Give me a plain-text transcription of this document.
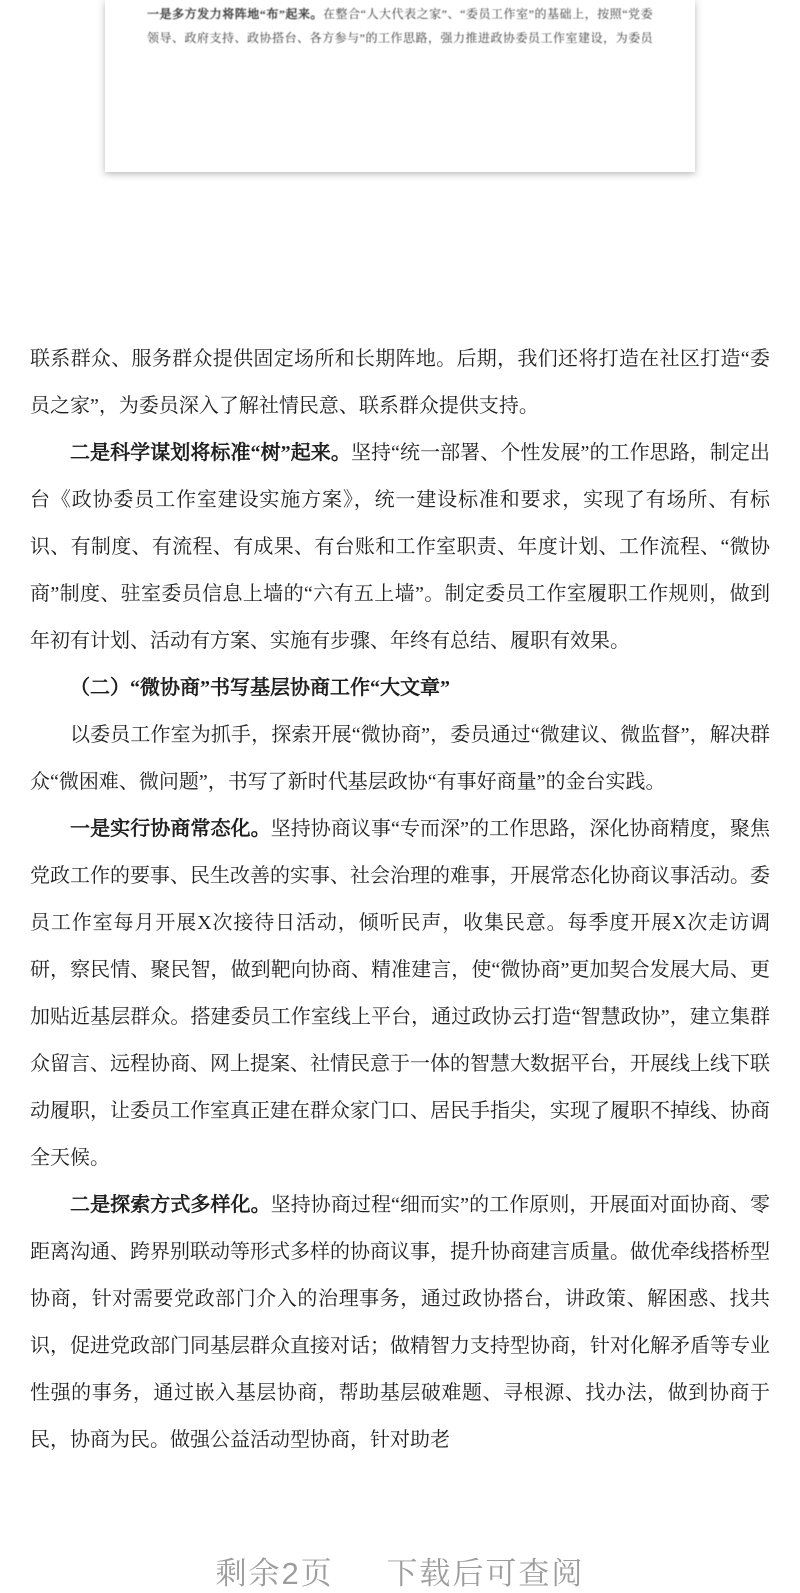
一是多方发力将阵地“布”起来。在整合“人大代表之家”、“委员工作室”的基础上，按照“党委

领导、政府支持、政协搭台、各方参与”的工作思路，强力推进政协委员工作室建设，为委员

联系群众、服务群众提供固定场所和长期阵地。后期，我们还将打造在社区打造“委员之家”，为委员深入了解社情民意、联系群众提供支持。

二是科学谋划将标准“树”起来。坚持“统一部署、个性发展”的工作思路，制定出台《政协委员工作室建设实施方案》，统一建设标准和要求，实现了有场所、有标识、有制度、有流程、有成果、有台账和工作室职责、年度计划、工作流程、“微协商”制度、驻室委员信息上墙的“六有五上墙”。制定委员工作室履职工作规则，做到年初有计划、活动有方案、实施有步骤、年终有总结、履职有效果。

（二）“微协商”书写基层协商工作“大文章”

以委员工作室为抓手，探索开展“微协商”，委员通过“微建议、微监督”，解决群众“微困难、微问题”，书写了新时代基层政协“有事好商量”的金台实践。

一是实行协商常态化。坚持协商议事“专而深”的工作思路，深化协商精度，聚焦党政工作的要事、民生改善的实事、社会治理的难事，开展常态化协商议事活动。委员工作室每月开展X次接待日活动，倾听民声，收集民意。每季度开展X次走访调研，察民情、聚民智，做到靶向协商、精准建言，使“微协商”更加契合发展大局、更加贴近基层群众。搭建委员工作室线上平台，通过政协云打造“智慧政协”，建立集群众留言、远程协商、网上提案、社情民意于一体的智慧大数据平台，开展线上线下联动履职，让委员工作室真正建在群众家门口、居民手指尖，实现了履职不掉线、协商全天候。

二是探索方式多样化。坚持协商过程“细而实”的工作原则，开展面对面协商、零距离沟通、跨界别联动等形式多样的协商议事，提升协商建言质量。做优牵线搭桥型协商，针对需要党政部门介入的治理事务，通过政协搭台，讲政策、解困惑、找共识，促进党政部门同基层群众直接对话；做精智力支持型协商，针对化解矛盾等专业性强的事务，通过嵌入基层协商，帮助基层破难题、寻根源、找办法，做到协商于民，协商为民。做强公益活动型协商，针对助老

剩余2页 下载后可查阅
